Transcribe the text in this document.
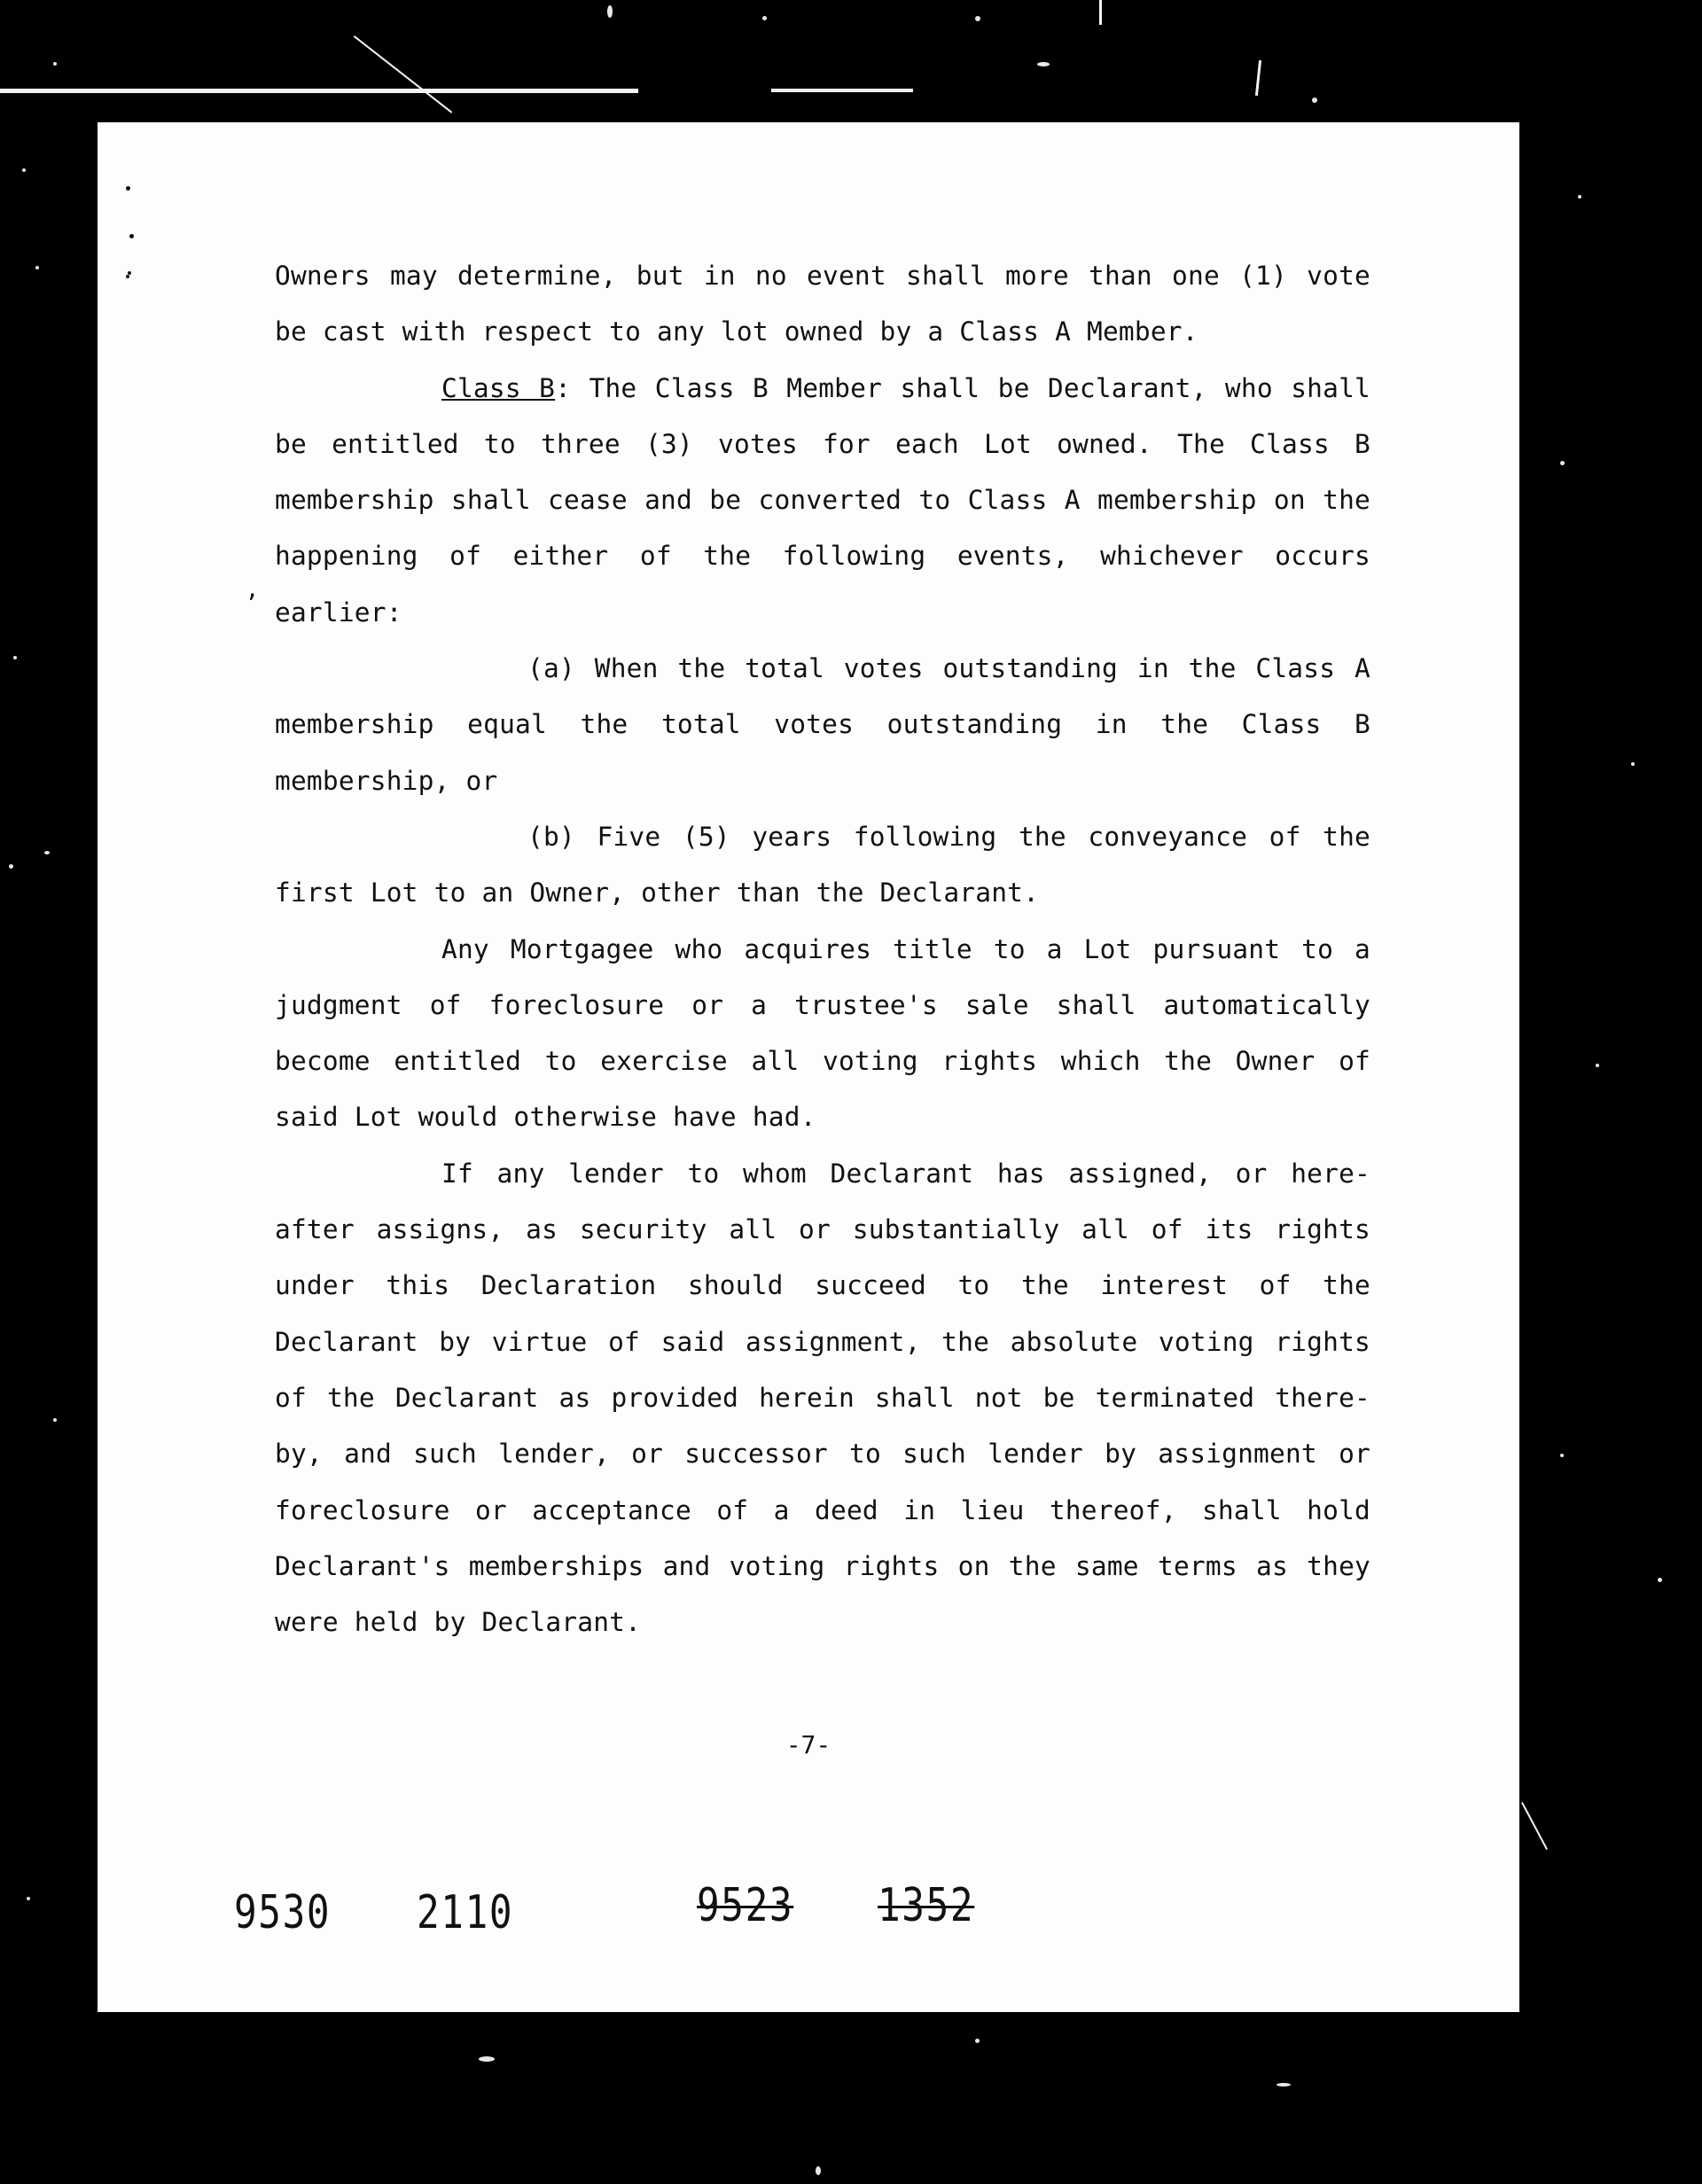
’

Owners may determine, but in no event shall more than one (1) vote be cast with respect to any lot owned by a Class A Member.

Class B: The Class B Member shall be Declarant, who shall be entitled to three (3) votes for each Lot owned. The Class B membership shall cease and be converted to Class A membership on the happening of either of the following events, whichever occurs earlier:

(a) When the total votes outstanding in the Class A membership equal the total votes outstanding in the Class B membership, or

(b) Five (5) years following the conveyance of the first Lot to an Owner, other than the Declarant.

Any Mortgagee who acquires title to a Lot pursuant to a judgment of foreclosure or a trustee's sale shall automatically become entitled to exercise all voting rights which the Owner of said Lot would otherwise have had.

If any lender to whom Declarant has assigned, or here-after assigns, as security all or substantially all of its rights under this Declaration should succeed to the interest of the Declarant by virtue of said assignment, the absolute voting rights of the Declarant as provided herein shall not be terminated there-by, and such lender, or successor to such lender by assignment or foreclosure or acceptance of a deed in lieu thereof, shall hold Declarant's memberships and voting rights on the same terms as they were held by Declarant.

-7-
9530 2110	9523 1352
